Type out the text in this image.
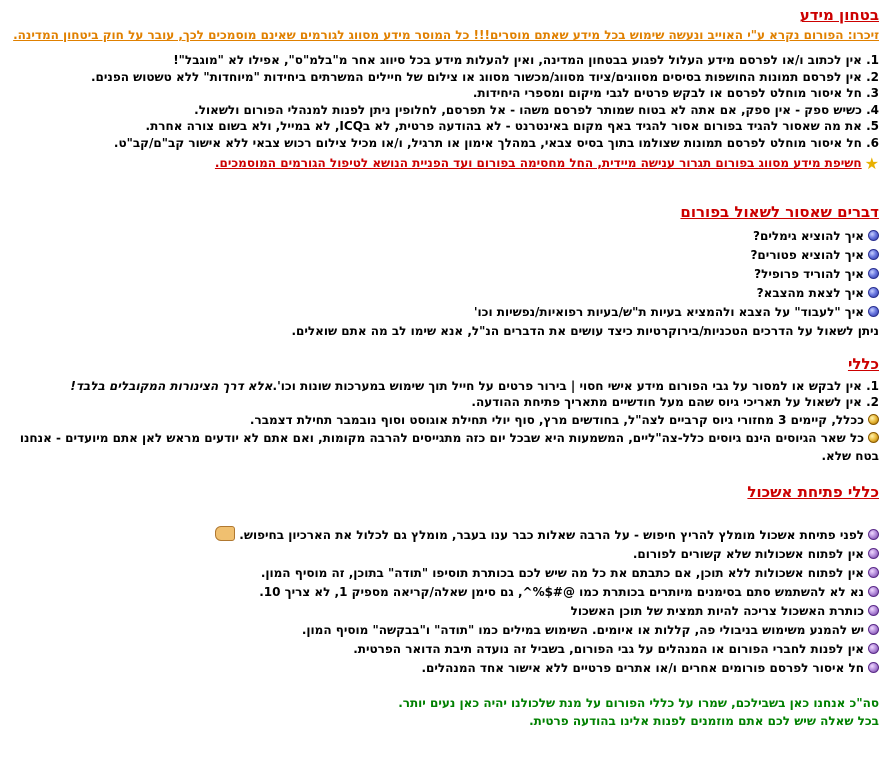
בטחון מידע
זיכרו: הפורום נקרא ע"י האוייב ונעשה שימוש בכל מידע שאתם מוסרים!!! כל המוסר מידע מסווג לגורמים שאינם מוסמכים לכך, עובר על חוק ביטחון המדינה.
1. אין לכתוב ו/או לפרסם מידע העלול לפגוע בבטחון המדינה, ואין להעלות מידע בכל סיווג אחר מ"בלמ"ס", אפילו לא "מוגבל"!
2. אין לפרסם תמונות החושפות בסיסים מסווגים/ציוד מסווג/מכשור מסווג או צילום של חיילים המשרתים ביחידות "מיוחדות" ללא טשטוש הפנים.
3. חל איסור מוחלט לפרסם או לבקש פרטים לגבי מיקום ומספרי היחידות.
4. כשיש ספק - אין ספק, אם אתה לא בטוח שמותר לפרסם משהו - אל תפרסם, לחלופין ניתן לפנות למנהלי הפורום ולשאול.
5. את מה שאסור להגיד בפורום אסור להגיד באף מקום באינטרנט - לא בהודעה פרטית, לא בICQ, לא במייל, ולא בשום צורה אחרת.
6. חל איסור מוחלט לפרסם תמונות שצולמו בתוך בסיס צבאי, במהלך אימון או תרגיל, ו/או מכיל צילום רכוש צבאי ללא אישור קב"ם/קב"ט.
★חשיפת מידע מסווג בפורום תגרור ענישה מיידית, החל מחסימה בפורום ועד הפניית הנושא לטיפול הגורמים המוסמכים.
דברים שאסור לשאול בפורום
איך להוציא גימלים?
איך להוציא פטורים?
איך להוריד פרופיל?
איך לצאת מהצבא?
איך "לעבוד" על הצבא ולהמציא בעיות ת"ש/בעיות רפואיות/נפשיות וכו'
ניתן לשאול על הדרכים הטכניות/בירוקרטיות כיצד עושים את הדברים הנ"ל, אנא שימו לב מה אתם שואלים.
כללי
1. אין לבקש או למסור על גבי הפורום מידע אישי חסוי | בירור פרטים על חייל תוך שימוש במערכות שונות וכו'.אלא דרך הצינורות המקובלים בלבד!
2. אין לשאול על תאריכי גיוס שהם מעל חודשיים מתאריך פתיחת ההודעה.
ככלל, קיימים 3 מחזורי גיוס קרביים לצה"ל, בחודשים מרץ, סוף יולי תחילת אוגוסט וסוף נובמבר תחילת דצמבר.
כל שאר הגיוסים הינם גיוסים כלל-צה"ליים, המשמעות היא שבכל יום כזה מתגייסים להרבה מקומות, ואם אתם לא יודעים מראש לאן אתם מיועדים - אנחנו בטח שלא.
כללי פתיחת אשכול
לפני פתיחת אשכול מומלץ להריץ חיפוש - על הרבה שאלות כבר ענו בעבר, מומלץ גם לכלול את הארכיון בחיפוש.
אין לפתוח אשכולות שלא קשורים לפורום.
אין לפתוח אשכולות ללא תוכן, אם כתבתם את כל מה שיש לכם בכותרת תוסיפו "תודה" בתוכן, זה מוסיף המון.
נא לא להשתמש סתם בסימנים מיותרים בכותרת כמו @#$%^, גם סימן שאלה/קריאה מספיק 1, לא צריך 10.
כותרת האשכול צריכה להיות תמצית של תוכן האשכול
יש להמנע משימוש בניבולי פה, קללות או איומים. השימוש במילים כמו "תודה" ו"בבקשה" מוסיף המון.
אין לפנות לחברי הפורום או המנהלים על גבי הפורום, בשביל זה נועדה תיבת הדואר הפרטית.
חל איסור לפרסם פורומים אחרים ו/או אתרים פרטיים ללא אישור אחד המנהלים.
סה"כ אנחנו כאן בשבילכם, שמרו על כללי הפורום על מנת שלכולנו יהיה כאן נעים יותר.
בכל שאלה שיש לכם אתם מוזמנים לפנות אלינו בהודעה פרטית.
